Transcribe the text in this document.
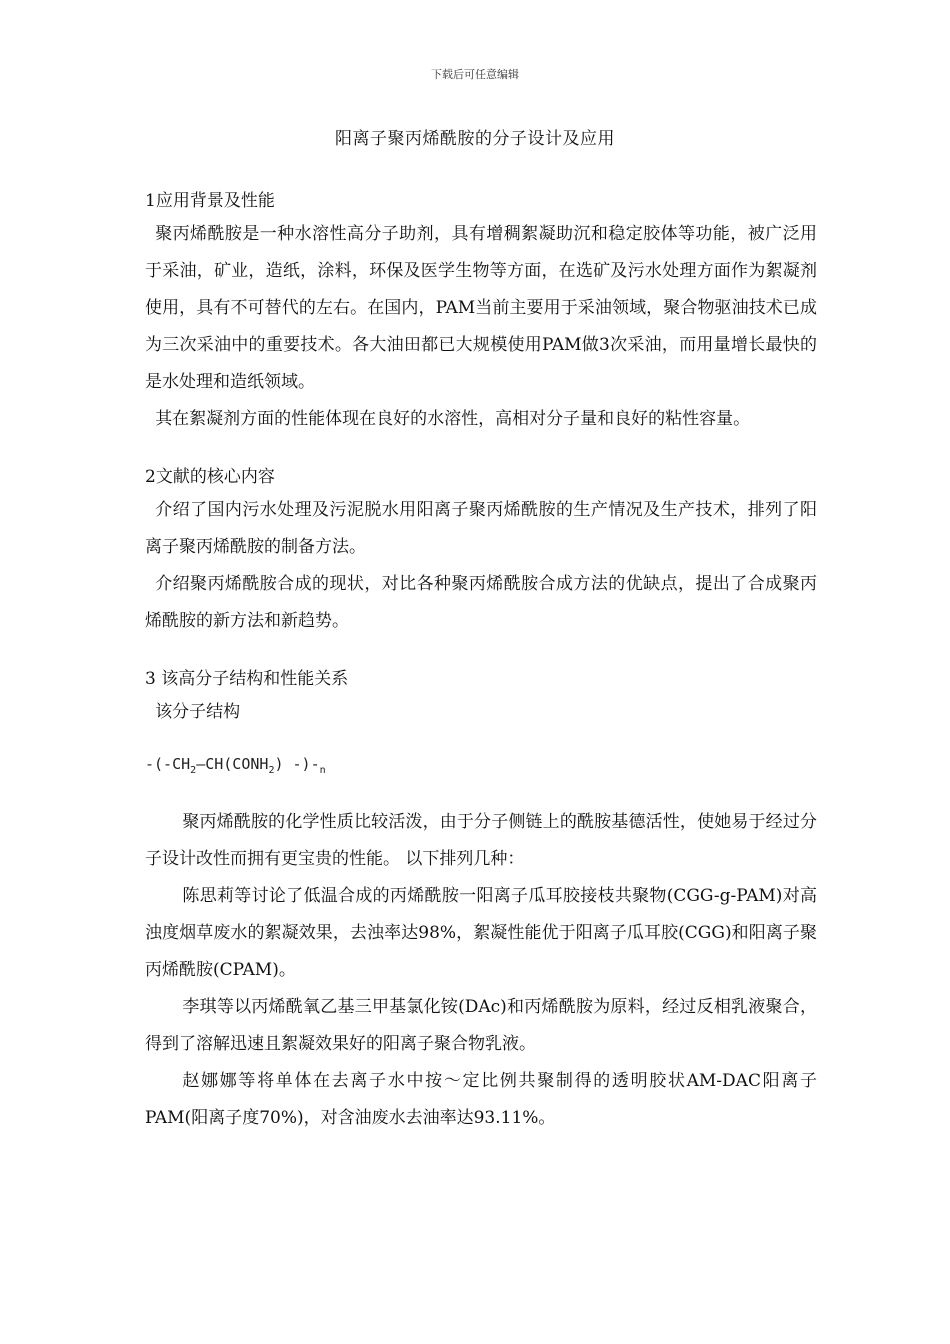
下载后可任意编辑
阳离子聚丙烯酰胺的分子设计及应用

1应用背景及性能

聚丙烯酰胺是一种水溶性高分子助剂，具有增稠絮凝助沉和稳定胶体等功能，被广泛用于采油，矿业，造纸，涂料，环保及医学生物等方面，在选矿及污水处理方面作为絮凝剂使用，具有不可替代的左右。在国内，PAM当前主要用于采油领域，聚合物驱油技术已成为三次采油中的重要技术。各大油田都已大规模使用PAM做3次采油，而用量增长最快的是水处理和造纸领域。

其在絮凝剂方面的性能体现在良好的水溶性，高相对分子量和良好的粘性容量。

2文献的核心内容

介绍了国内污水处理及污泥脱水用阳离子聚丙烯酰胺的生产情况及生产技术，排列了阳离子聚丙烯酰胺的制备方法。

介绍聚丙烯酰胺合成的现状，对比各种聚丙烯酰胺合成方法的优缺点，提出了合成聚丙烯酰胺的新方法和新趋势。

3 该高分子结构和性能关系

该分子结构

$-(-CH_2—CH(CONH_2)$ $-)-_n$

聚丙烯酰胺的化学性质比较活泼，由于分子侧链上的酰胺基德活性，使她易于经过分子设计改性而拥有更宝贵的性能。 以下排列几种：

陈思莉等讨论了低温合成的丙烯酰胺一阳离子瓜耳胶接枝共聚物(CGG-g-PAM)对高浊度烟草废水的絮凝效果，去浊率达98%，絮凝性能优于阳离子瓜耳胶(CGG)和阳离子聚丙烯酰胺(CPAM)。

李琪等以丙烯酰氧乙基三甲基氯化铵(DAc)和丙烯酰胺为原料，经过反相乳液聚合，得到了溶解迅速且絮凝效果好的阳离子聚合物乳液。

赵娜娜等将单体在去离子水中按～定比例共聚制得的透明胶状AM-DAC阳离子PAM(阳离子度70%)，对含油废水去油率达93.11%。
